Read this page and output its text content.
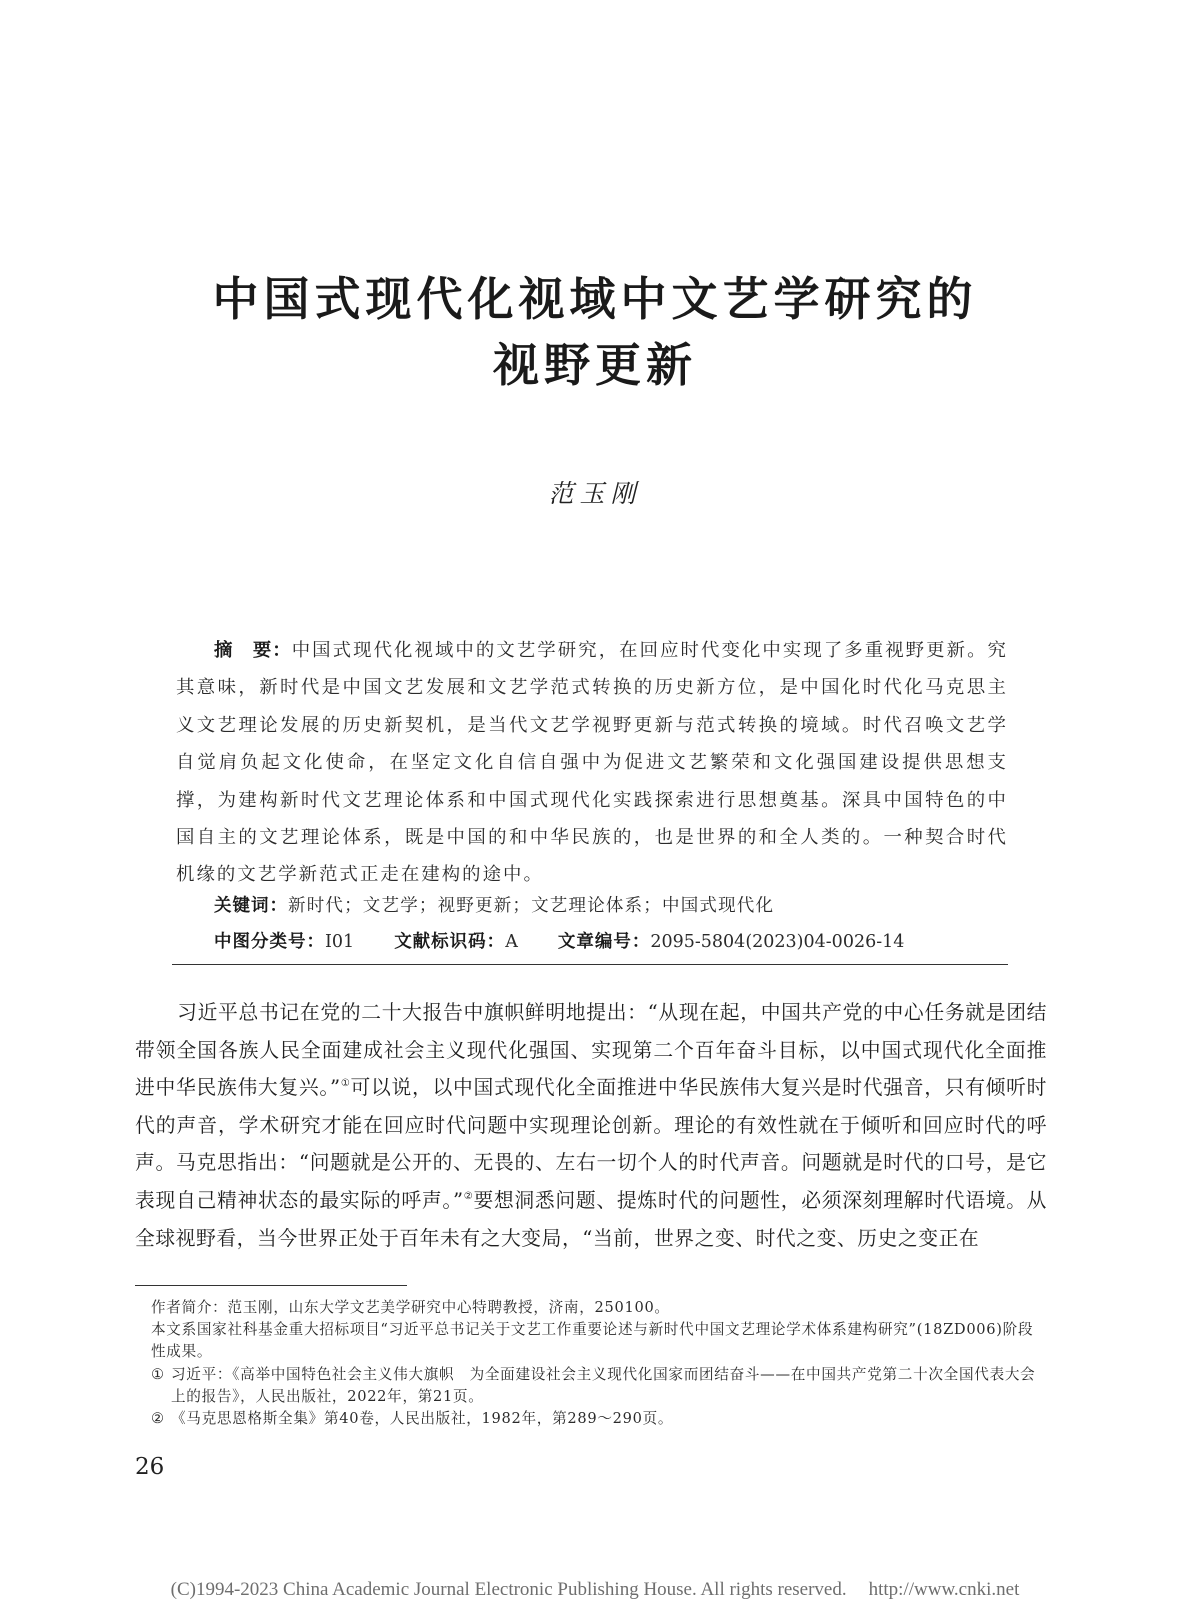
中国式现代化视域中文艺学研究的
视野更新
范玉刚
摘　要：中国式现代化视域中的文艺学研究，在回应时代变化中实现了多重视野更新。究其意味，新时代是中国文艺发展和文艺学范式转换的历史新方位，是中国化时代化马克思主义文艺理论发展的历史新契机，是当代文艺学视野更新与范式转换的境域。时代召唤文艺学自觉肩负起文化使命，在坚定文化自信自强中为促进文艺繁荣和文化强国建设提供思想支撑，为建构新时代文艺理论体系和中国式现代化实践探索进行思想奠基。深具中国特色的中国自主的文艺理论体系，既是中国的和中华民族的，也是世界的和全人类的。一种契合时代机缘的文艺学新范式正走在建构的途中。
关键词：新时代；文艺学；视野更新；文艺理论体系；中国式现代化
中图分类号：I01 文献标识码：A 文章编号：2095-5804(2023)04-0026-14
习近平总书记在党的二十大报告中旗帜鲜明地提出：“从现在起，中国共产党的中心任务就是团结带领全国各族人民全面建成社会主义现代化强国、实现第二个百年奋斗目标，以中国式现代化全面推进中华民族伟大复兴。”①可以说，以中国式现代化全面推进中华民族伟大复兴是时代强音，只有倾听时代的声音，学术研究才能在回应时代问题中实现理论创新。理论的有效性就在于倾听和回应时代的呼声。马克思指出：“问题就是公开的、无畏的、左右一切个人的时代声音。问题就是时代的口号，是它表现自己精神状态的最实际的呼声。”②要想洞悉问题、提炼时代的问题性，必须深刻理解时代语境。从全球视野看，当今世界正处于百年未有之大变局，“当前，世界之变、时代之变、历史之变正在
作者简介：范玉刚，山东大学文艺美学研究中心特聘教授，济南，250100。
本文系国家社科基金重大招标项目“习近平总书记关于文艺工作重要论述与新时代中国文艺理论学术体系建构研究”(18ZD006)阶段性成果。
① 习近平：《高举中国特色社会主义伟大旗帜　为全面建设社会主义现代化国家而团结奋斗——在中国共产党第二十次全国代表大会上的报告》，人民出版社，2022年，第21页。
② 《马克思恩格斯全集》第40卷，人民出版社，1982年，第289～290页。
26
(C)1994-2023 China Academic Journal Electronic Publishing House. All rights reserved. http://www.cnki.net
